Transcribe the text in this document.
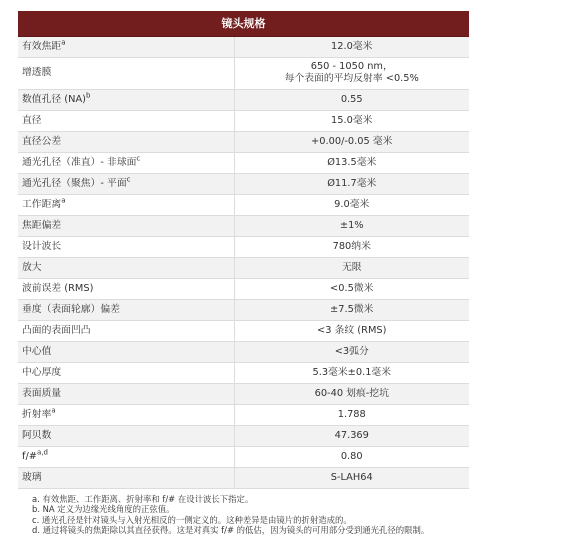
镜头规格	
有效焦距$^a$	12.0毫米
增透膜	650 - 1050 nm，
每个表面的平均反射率 <0.5%

数值孔径 (NA)$^b$	0.55
直径	15.0毫米
直径公差	+0.00/-0.05 毫米
通光孔径（准直）- 非球面$^c$	Ø13.5毫米
通光孔径（聚焦）- 平面$^c$	Ø11.7毫米
工作距离$^a$	9.0毫米
焦距偏差	±1%
设计波长	780纳米
放大	无限
波前误差 (RMS)	<0.5微米
垂度（表面轮廓）偏差	±7.5微米
凸面的表面凹凸	<3 条纹 (RMS)
中心值	<3弧分
中心厚度	5.3毫米±0.1毫米
表面质量	60-40 划痕-挖坑
折射率$^a$	1.788
阿贝数	47.369
f/#$^{a,d}$	0.80
玻璃	S-LAH64
a. 有效焦距、工作距离、折射率和 f/# 在设计波长下指定。
b. NA 定义为边缘光线角度的正弦值。
c. 通光孔径是针对镜头与入射光相反的一侧定义的。这种差异是由镜片的折射造成的。
d. 通过将镜头的焦距除以其直径获得。这是对真实 f/# 的低估，因为镜头的可用部分受到通光孔径的限制。
